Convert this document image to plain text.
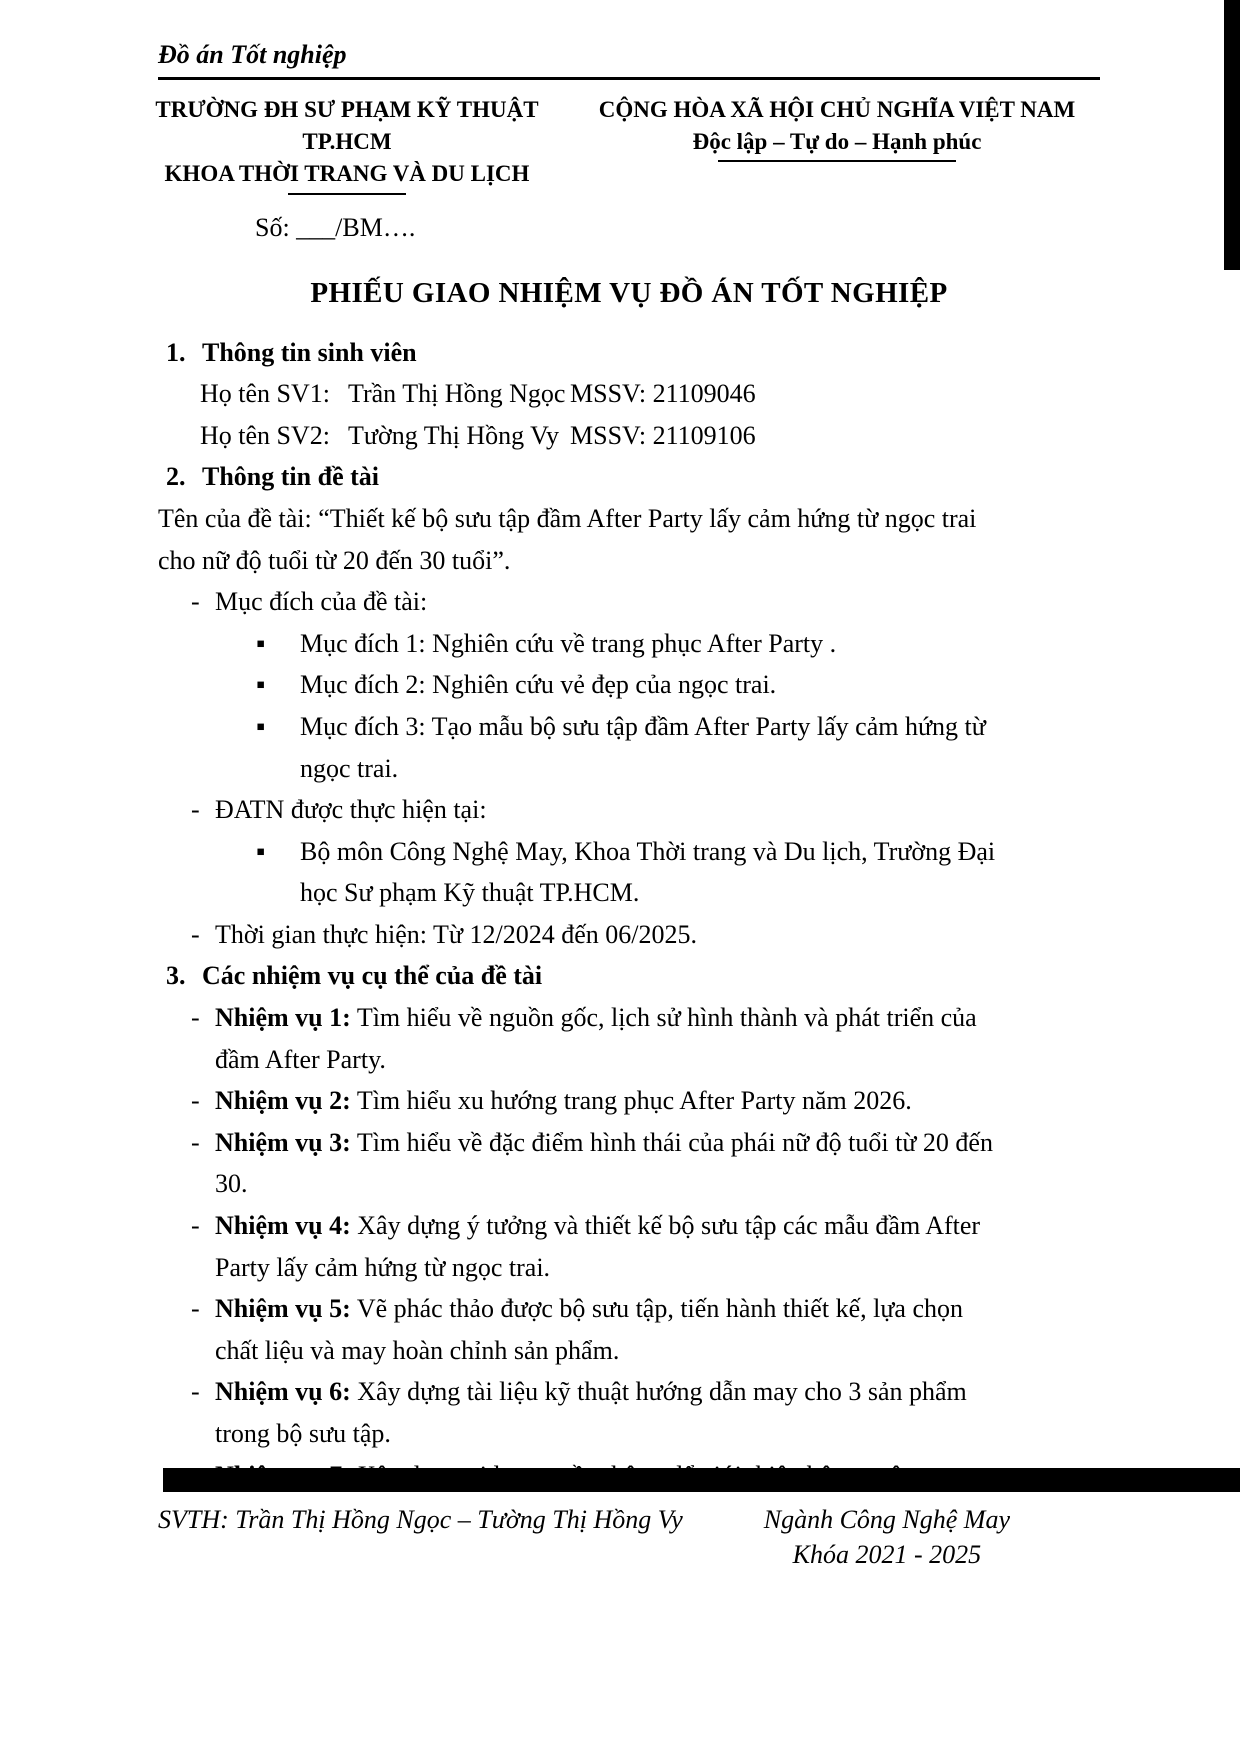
Đồ án Tốt nghiệp
TRƯỜNG ĐH SƯ PHẠM KỸ THUẬT TP.HCM
KHOA THỜI TRANG VÀ DU LỊCH
CỘNG HÒA XÃ HỘI CHỦ NGHĨA VIỆT NAM
Độc lập – Tự do – Hạnh phúc
Số: ___/BM….
PHIẾU GIAO NHIỆM VỤ ĐỒ ÁN TỐT NGHIỆP

1. Thông tin sinh viên

Họ tên SV1: Trần Thị Hồng Ngọc MSSV: 21109046

Họ tên SV2: Tường Thị Hồng Vy MSSV: 21109106

2. Thông tin đề tài

Tên của đề tài: “Thiết kế bộ sưu tập đầm After Party lấy cảm hứng từ ngọc trai cho nữ độ tuổi từ 20 đến 30 tuổi”.

- Mục đích của đề tài:

▪ Mục đích 1: Nghiên cứu về trang phục After Party .

▪ Mục đích 2: Nghiên cứu vẻ đẹp của ngọc trai.

▪ Mục đích 3: Tạo mẫu bộ sưu tập đầm After Party lấy cảm hứng từ ngọc trai.

- ĐATN được thực hiện tại:

▪ Bộ môn Công Nghệ May, Khoa Thời trang và Du lịch, Trường Đại học Sư phạm Kỹ thuật TP.HCM.

- Thời gian thực hiện: Từ 12/2024 đến 06/2025.

3. Các nhiệm vụ cụ thể của đề tài

- Nhiệm vụ 1: Tìm hiểu về nguồn gốc, lịch sử hình thành và phát triển của đầm After Party.

- Nhiệm vụ 2: Tìm hiểu xu hướng trang phục After Party năm 2026.

- Nhiệm vụ 3: Tìm hiểu về đặc điểm hình thái của phái nữ độ tuổi từ 20 đến 30.

- Nhiệm vụ 4: Xây dựng ý tưởng và thiết kế bộ sưu tập các mẫu đầm After Party lấy cảm hứng từ ngọc trai.

- Nhiệm vụ 5: Vẽ phác thảo được bộ sưu tập, tiến hành thiết kế, lựa chọn chất liệu và may hoàn chỉnh sản phẩm.

- Nhiệm vụ 6: Xây dựng tài liệu kỹ thuật hướng dẫn may cho 3 sản phẩm trong bộ sưu tập.

SVTH: Trần Thị Hồng Ngọc – Tường Thị Hồng Vy	Ngành Công Nghệ May
Khóa 2021 - 2025
